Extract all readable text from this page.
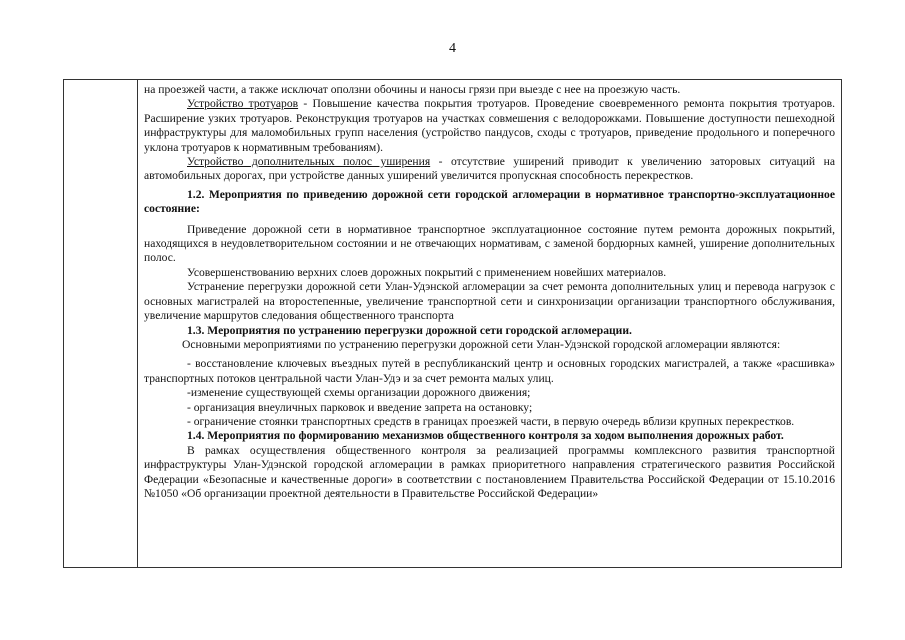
4

на проезжей части, а также исключат оползни обочины и наносы грязи при выезде с нее на проезжую часть.

Устройство тротуаров - Повышение качества покрытия тротуаров. Проведение своевременного ремонта покрытия тротуаров. Расширение узких тротуаров. Реконструкция тротуаров на участках совмешения с велодорожками. Повышение доступности пешеходной инфраструктуры для маломобильных групп населения (устройство пандусов, сходы с тротуаров, приведение продольного и поперечного уклона тротуаров к нормативным требованиям).

Устройство дополнительных полос уширения - отсутствие уширений приводит к увеличению заторовых ситуаций на автомобильных дорогах, при устройстве данных уширений увеличится пропускная способность перекрестков.

1.2. Мероприятия по приведению дорожной сети городской агломерации в нормативное транспортно-эксплуатационное состояние:

Приведение дорожной сети в нормативное транспортное эксплуатационное состояние путем ремонта дорожных покрытий, находящихся в неудовлетворительном состоянии и не отвечающих нормативам, с заменой бордюрных камней, уширение дополнительных полос.

Усовершенствованию верхних слоев дорожных покрытий с применением новейших материалов.

Устранение перегрузки дорожной сети Улан-Удэнской агломерации за счет ремонта дополнительных улиц и перевода нагрузок с основных магистралей на второстепенные, увеличение транспортной сети и синхронизации организации транспортного обслуживания, увеличение маршрутов следования общественного транспорта

1.3. Мероприятия по устранению перегрузки дорожной сети городской агломерации.

Основными мероприятиями по устранению перегрузки дорожной сети Улан-Удэнской городской агломерации являются:

- восстановление ключевых въездных путей в республиканский центр и основных городских магистралей, а также «расшивка» транспортных потоков центральной части Улан-Удэ и за счет ремонта малых улиц.

-изменение существующей схемы организации дорожного движения;

- организация внеуличных парковок и введение запрета на остановку;

- ограничение стоянки транспортных средств в границах проезжей части, в первую очередь вблизи крупных перекрестков.

1.4. Мероприятия по формированию механизмов общественного контроля за ходом выполнения дорожных работ.

В рамках осуществления общественного контроля за реализацией программы комплексного развития транспортной инфраструктуры Улан-Удэнской городской агломерации в рамках приоритетного направления стратегического развития Российской Федерации «Безопасные и качественные дороги» в соответствии с постановлением Правительства Российской Федерации от 15.10.2016 №1050 «Об организации проектной деятельности в Правительстве Российской Федерации»
